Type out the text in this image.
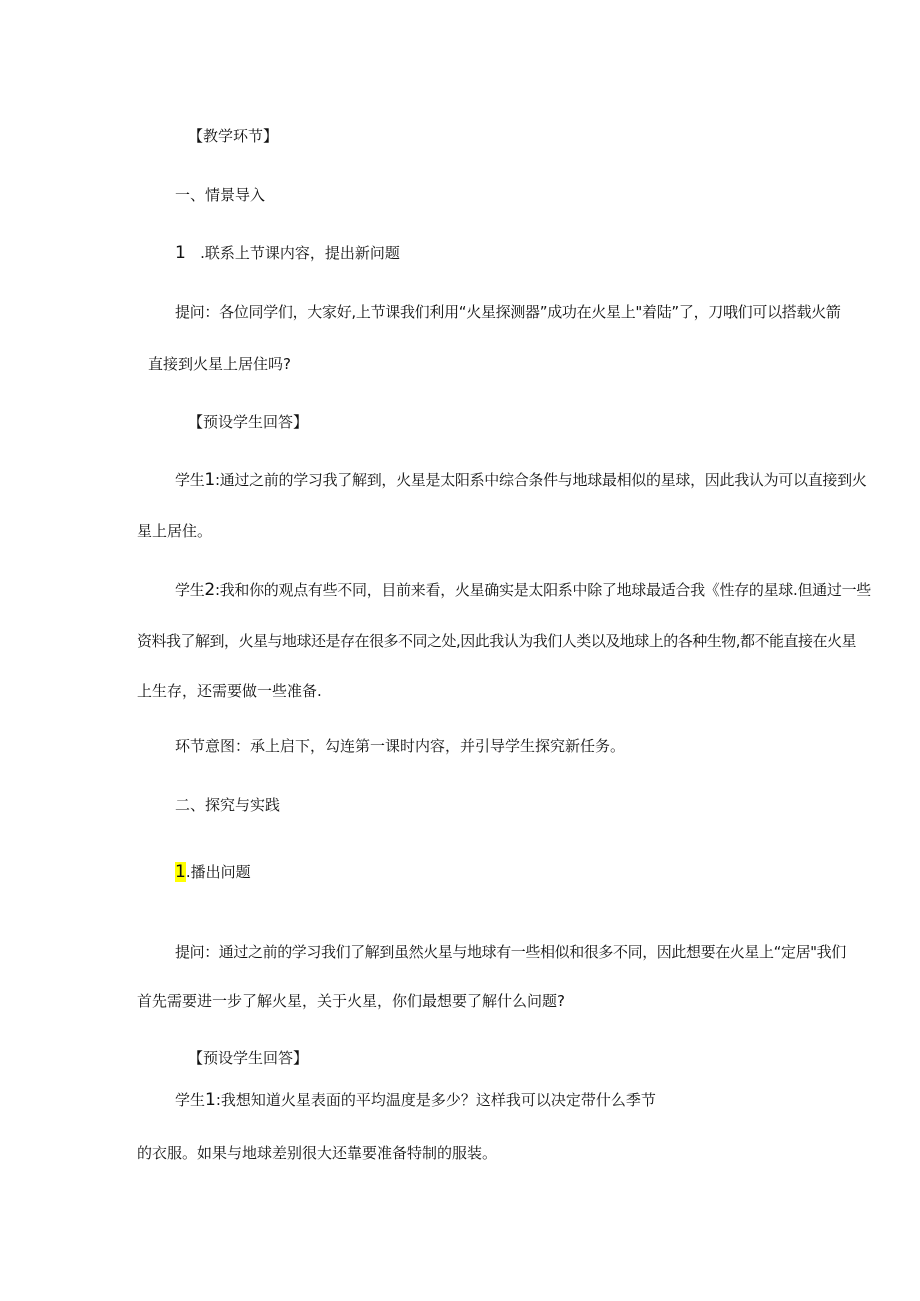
【教学环节】
一、情景导入
1 .联系上节课内容，提出新问题
提问：各位同学们，大家好,上节课我们利用“火星探测器”成功在火星上"着陆”了，刀哦们可以搭载火箭
直接到火星上居住吗?
【预设学生回答】
学生1:通过之前的学习我了解到，火星是太阳系中综合条件与地球最相似的星球，因此我认为可以直接到火
星上居住。
学生2:我和你的观点有些不同，目前来看，火星确实是太阳系中除了地球最适合我《性存的星球.但通过一些
资料我了解到，火星与地球还是存在很多不同之处,因此我认为我们人类以及地球上的各种生物,都不能直接在火星
上生存，还需要做一些准备.
环节意图：承上启下，勾连第一课时内容，并引导学生探究新任务。
二、探究与实践
1.播出问题
提问：通过之前的学习我们了解到虽然火星与地球有一些相似和很多不同，因此想要在火星上“定居"我们
首先需要进一步了解火星，关于火星，你们最想要了解什么问题?
【预设学生回答】
学生1:我想知道火星表面的平均温度是多少？这样我可以决定带什么季节
的衣服。如果与地球差别很大还靠要准备特制的服装。
